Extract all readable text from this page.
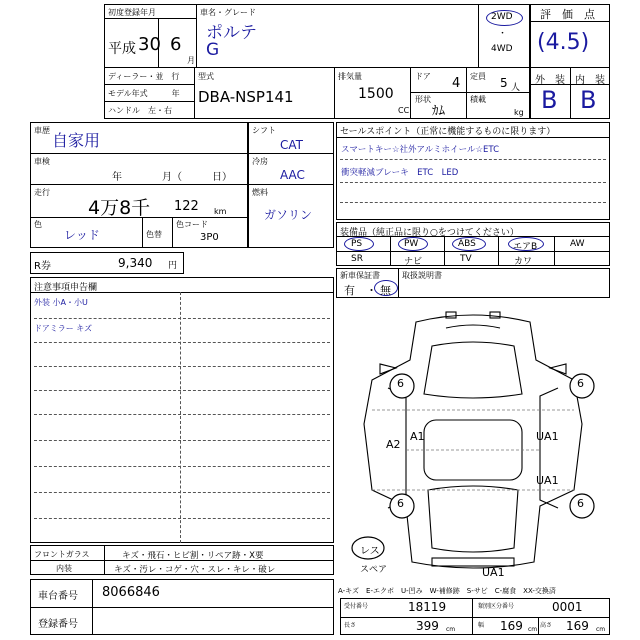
初度登録年月
平成 30 6
月
車名・グレード
ポルテ
G
2WD
・
4WD
ディーラー・並　行
モデル年式　　　年
ハンドル　左・右
型式
DBA-NSP141
排気量
1500
CC
ドア 4 定員 5 人
形状
ｶﾑ
積載
kg
評　価　点
(4.5)
外　装 内　装
B B
車歴
自家用
車検
年　　　　月（　　　日）
走行
4万8千 122 km
色
レッド	色替
色コード
3P0
シフト
CAT
冷房
AAC
燃料
ガソリン
セールスポイント（正常に機能するものに限ります）
スマートキー☆社外アルミホイール☆ETC
衝突軽減ブレーキ　ETC　LED
装備品（純正品に限り○をつけてください）
PS	PW	ABS	エアB	AW
SR	ナビ	TV	カワ
新車保証書
有　・ 無
取扱説明書
R券	9,340 円
注意事項申告欄
外装 小A・小U
ドアミラー キズ
フロントガラス	キズ・飛石・ヒビ割・リペア跡・X要
内装	キズ・汚レ・コゲ・穴・スレ・キレ・破レ
車台番号 8066846
登録番号
6	6
6	6
A1
A2
UA1
UA1
UA1
レス
スペア
A-キズ　E-エクボ　U-凹み　W-補修跡　S-サビ　C-腐食　XX-交換済
受付番号	18119	類別区分番号	0001
長さ	399 cm
幅 169 cm
高さ 169 cm
